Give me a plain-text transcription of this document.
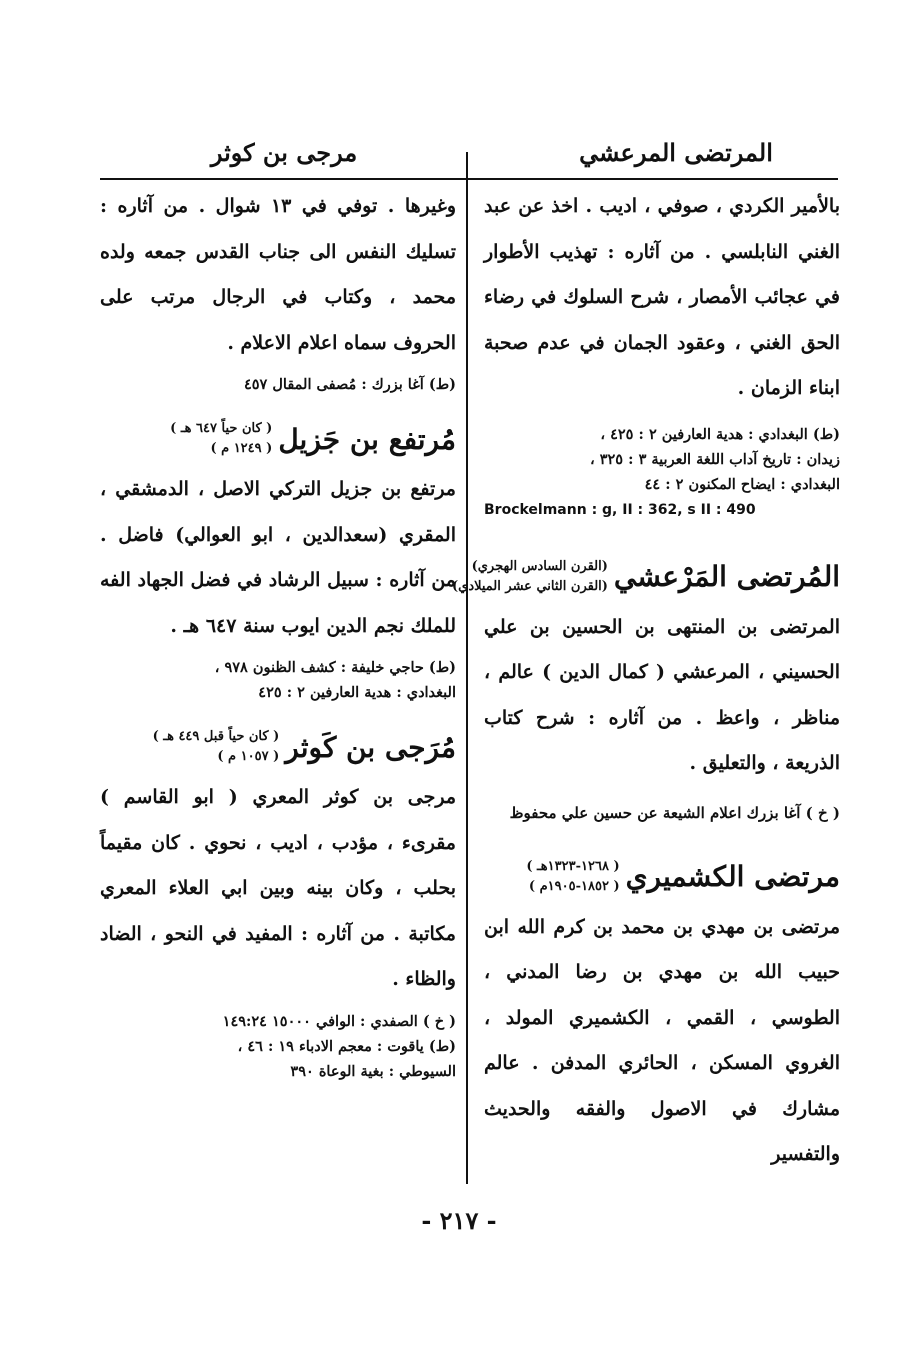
المرتضى المرعشي
مرجى بن كوثر
بالأمير الكردي ، صوفي ، اديب . اخذ عن عبد الغني النابلسي . من آثاره : تهذيب الأطوار في عجائب الأمصار ، شرح السلوك في رضاء الحق الغني ، وعقود الجمان في عدم صحبة ابناء الزمان .
(ط) البغدادي : هدية العارفين ٢ : ٤٢٥ ،
زيدان : تاريخ آداب اللغة العربية ٣ : ٣٢٥ ،
البغدادي : ايضاح المكنون ٢ : ٤٤
Brockelmann : g, II : 362, s II : 490
المُرتضى المَرْعشي
(القرن السادس الهجري)
(القرن الثاني عشر الميلادي)
المرتضى بن المنتهى بن الحسين بن علي الحسيني ، المرعشي ( كمال الدين ) عالم ، مناظر ، واعظ . من آثاره : شرح كتاب الذريعة ، والتعليق .
( خ ) آغا بزرك اعلام الشيعة عن حسين علي محفوظ
مرتضى الكشميري
( ١٢٦٨-١٣٢٣هـ )
( ١٨٥٢-١٩٠٥م )
مرتضى بن مهدي بن محمد بن كرم الله ابن حبيب الله بن مهدي بن رضا المدني ، الطوسي ، القمي ، الكشميري المولد ، الغروي المسكن ، الحائري المدفن . عالم مشارك في الاصول والفقه والحديث والتفسير
وغيرها . توفي في ١٣ شوال . من آثاره : تسليك النفس الى جناب القدس جمعه ولده محمد ، وكتاب في الرجال مرتب على الحروف سماه اعلام الاعلام .
(ط) آغا بزرك : مُصفى المقال ٤٥٧
مُرتفع بن جَزيل
( كان حياً ٦٤٧ هـ )
( ١٢٤٩ م )
مرتفع بن جزيل التركي الاصل ، الدمشقي ، المقري (سعدالدين ، ابو العوالي) فاضل . من آثاره : سبيل الرشاد في فضل الجهاد الفه للملك نجم الدين ايوب سنة ٦٤٧ هـ .
(ط) حاجي خليفة : كشف الظنون ٩٧٨ ،
البغدادي : هدية العارفين ٢ : ٤٢٥
مُرَجى بن كَوثر
( كان حياً قبل ٤٤٩ هـ )
( ١٠٥٧ م )
مرجى بن كوثر المعري ( ابو القاسم ) مقرىء ، مؤدب ، اديب ، نحوي . كان مقيماً بحلب ، وكان بينه وبين ابي العلاء المعري مكاتبة . من آثاره : المفيد في النحو ، الضاد والظاء .
( خ ) الصفدي : الوافي ١٥٠٠٠ ١٤٩:٢٤
(ط) ياقوت : معجم الادباء ١٩ : ٤٦ ،
السيوطي : بغية الوعاة ٣٩٠
- ٢١٧ -
